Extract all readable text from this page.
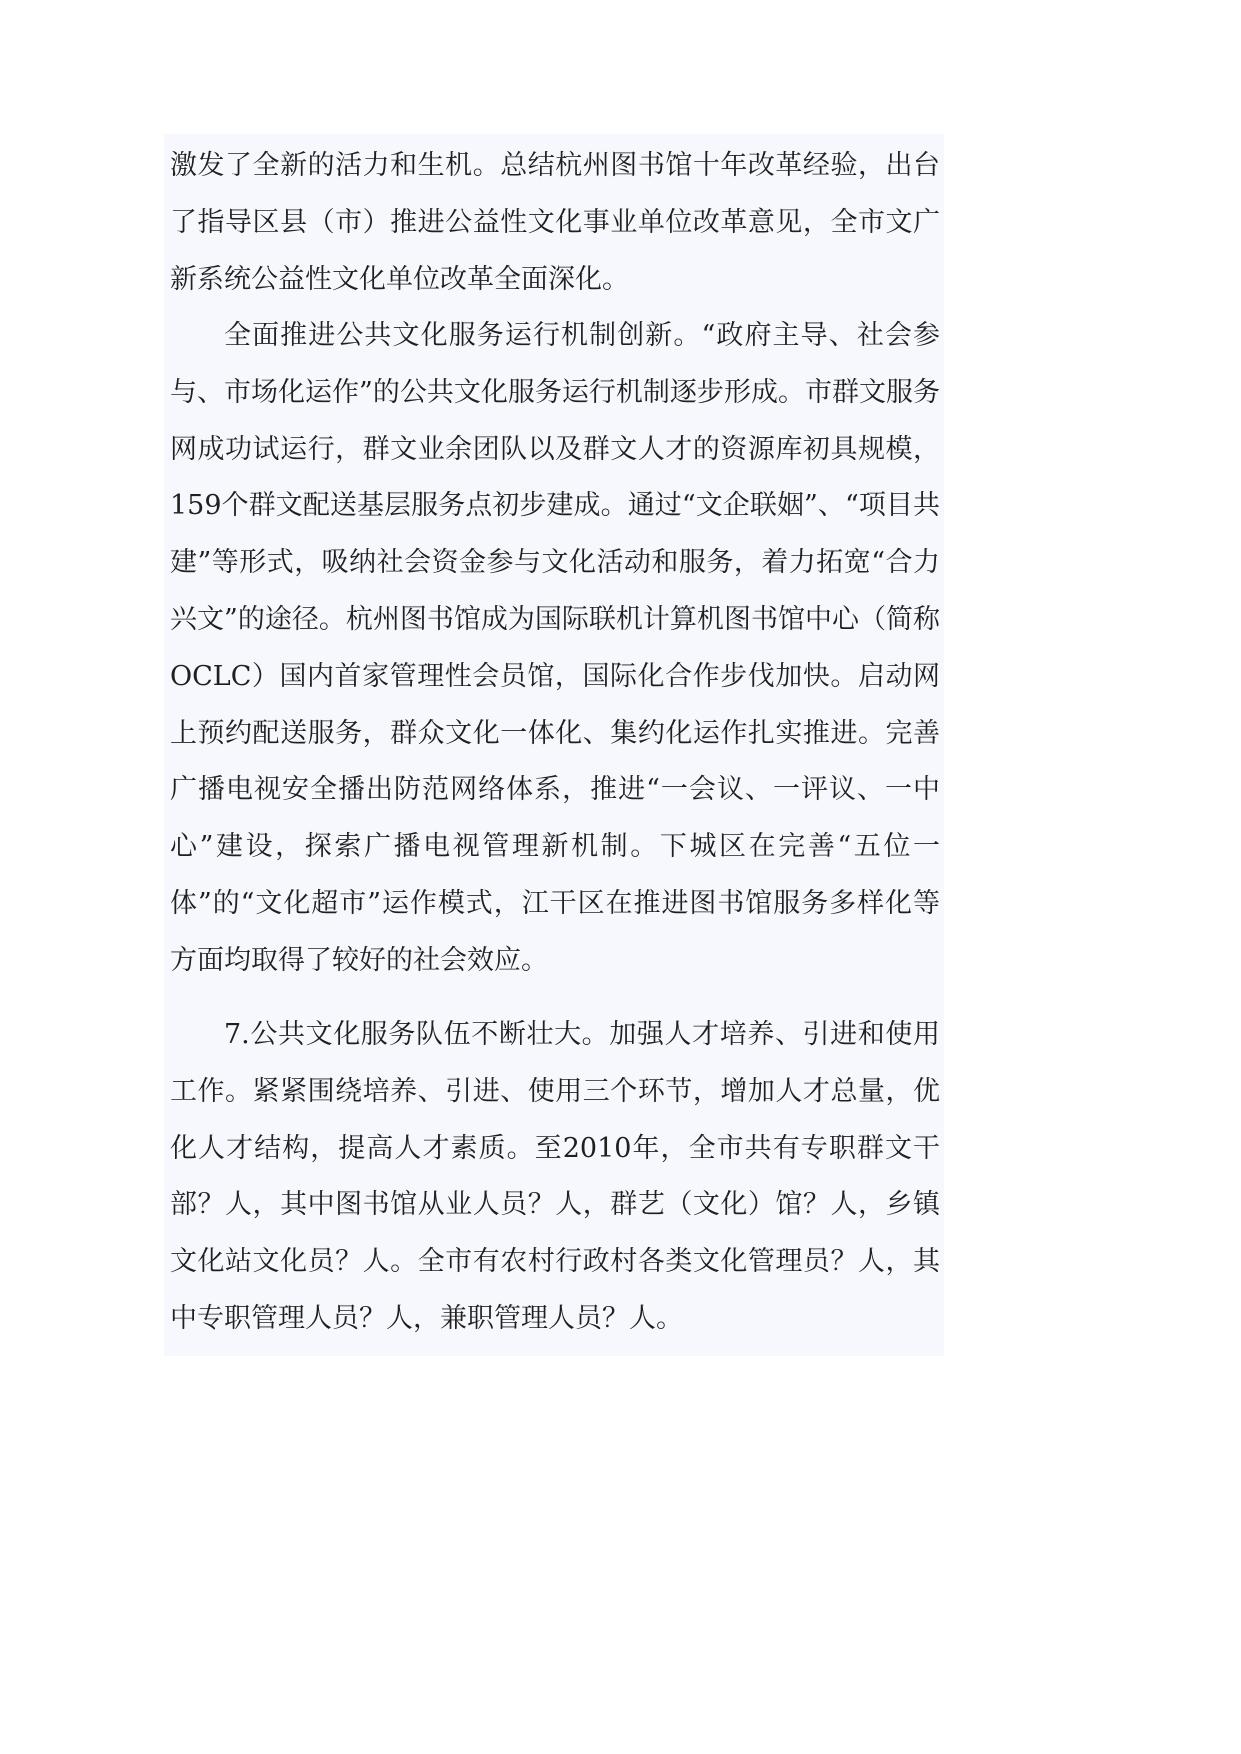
激发了全新的活力和生机。总结杭州图书馆十年改革经验，出台了指导区县（市）推进公益性文化事业单位改革意见，全市文广新系统公益性文化单位改革全面深化。

全面推进公共文化服务运行机制创新。“政府主导、社会参与、市场化运作”的公共文化服务运行机制逐步形成。市群文服务网成功试运行，群文业余团队以及群文人才的资源库初具规模，159个群文配送基层服务点初步建成。通过“文企联姻”、“项目共建”等形式，吸纳社会资金参与文化活动和服务，着力拓宽“合力兴文”的途径。杭州图书馆成为国际联机计算机图书馆中心（简称OCLC）国内首家管理性会员馆，国际化合作步伐加快。启动网上预约配送服务，群众文化一体化、集约化运作扎实推进。完善广播电视安全播出防范网络体系，推进“一会议、一评议、一中心”建设，探索广播电视管理新机制。下城区在完善“五位一体”的“文化超市”运作模式，江干区在推进图书馆服务多样化等方面均取得了较好的社会效应。

7.公共文化服务队伍不断壮大。加强人才培养、引进和使用工作。紧紧围绕培养、引进、使用三个环节，增加人才总量，优化人才结构，提高人才素质。至2010年，全市共有专职群文干部？人，其中图书馆从业人员？人，群艺（文化）馆？人，乡镇文化站文化员？人。全市有农村行政村各类文化管理员？人，其中专职管理人员？人，兼职管理人员？人。
